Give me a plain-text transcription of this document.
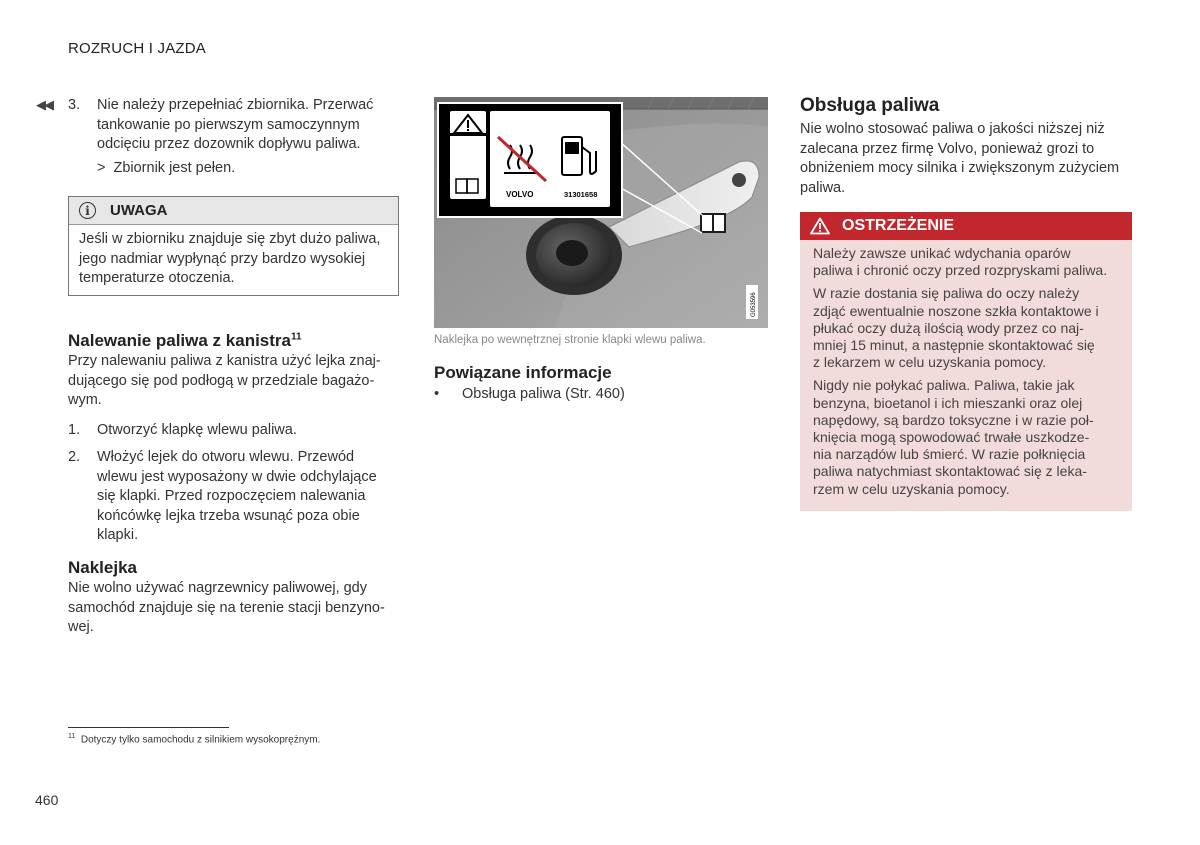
ROZRUCH I JAZDA
◀◀ 3.	Nie należy przepełniać zbiornika. Przerwać
tankowanie po pierwszym samoczynnym
odcięciu przez dozownik dopływu paliwa.
> Zbiornik jest pełen.
i	UWAGA
Jeśli w zbiorniku znajduje się zbyt dużo paliwa,
jego nadmiar wypłynąć przy bardzo wysokiej
temperaturze otoczenia.
Nalewanie paliwa z kanistra$^{11}$
Przy nalewaniu paliwa z kanistra użyć lejka znaj-
dującego się pod podłogą w przedziale bagażo-
wym.
1.	Otworzyć klapkę wlewu paliwa.
2.	Włożyć lejek do otworu wlewu. Przewód
wlewu jest wyposażony w dwie odchylające
się klapki. Przed rozpoczęciem nalewania
końcówkę lejka trzeba wsunąć poza obie
klapki.
Naklejka
Nie wolno używać nagrzewnicy paliwowej, gdy
samochód znajduje się na terenie stacji benzyno-
wej.
$^{11}$ Dotyczy tylko samochodu z silnikiem wysokoprężnym.
460
VOLVO	31301658
G053596
Naklejka po wewnętrznej stronie klapki wlewu paliwa.
Powiązane informacje
• Obsługa paliwa (Str. 460)
Obsługa paliwa
Nie wolno stosować paliwa o jakości niższej niż
zalecana przez firmę Volvo, ponieważ grozi to
obniżeniem mocy silnika i zwiększonym zużyciem
paliwa.
OSTRZEŻENIE

Należy zawsze unikać wdychania oparów
paliwa i chronić oczy przed rozpryskami paliwa.

W razie dostania się paliwa do oczy należy
zdjąć ewentualnie noszone szkła kontaktowe i
płukać oczy dużą ilością wody przez co naj-
mniej 15 minut, a następnie skontaktować się
z lekarzem w celu uzyskania pomocy.

Nigdy nie połykać paliwa. Paliwa, takie jak
benzyna, bioetanol i ich mieszanki oraz olej
napędowy, są bardzo toksyczne i w razie poł-
knięcia mogą spowodować trwałe uszkodze-
nia narządów lub śmierć. W razie połknięcia
paliwa natychmiast skontaktować się z leka-
rzem w celu uzyskania pomocy.
